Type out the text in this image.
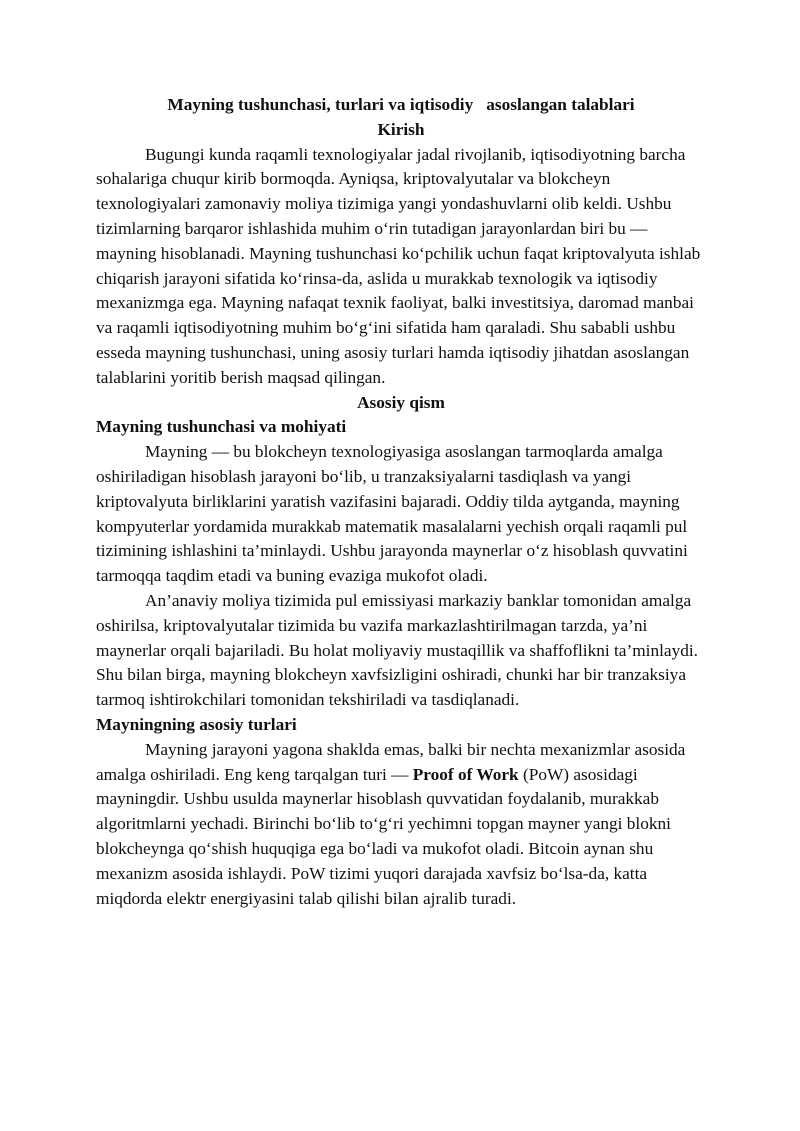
Mayning tushunchasi, turlari va iqtisodiy   asoslangan talablari
Kirish

Bugungi kunda raqamli texnologiyalar jadal rivojlanib, iqtisodiyotning barcha sohalariga chuqur kirib bormoqda. Ayniqsa, kriptovalyutalar va blokcheyn texnologiyalari zamonaviy moliya tizimiga yangi yondashuvlarni olib keldi. Ushbu tizimlarning barqaror ishlashida muhim o‘rin tutadigan jarayonlardan biri bu — mayning hisoblanadi. Mayning tushunchasi ko‘pchilik uchun faqat kriptovalyuta ishlab chiqarish jarayoni sifatida ko‘rinsa-da, aslida u murakkab texnologik va iqtisodiy mexanizmga ega. Mayning nafaqat texnik faoliyat, balki investitsiya, daromad manbai va raqamli iqtisodiyotning muhim bo‘g‘ini sifatida ham qaraladi. Shu sababli ushbu esseda mayning tushunchasi, uning asosiy turlari hamda iqtisodiy jihatdan asoslangan talablarini yoritib berish maqsad qilingan.

Asosiy qism
Mayning tushunchasi va mohiyati

Mayning — bu blokcheyn texnologiyasiga asoslangan tarmoqlarda amalga oshiriladigan hisoblash jarayoni bo‘lib, u tranzaksiyalarni tasdiqlash va yangi kriptovalyuta birliklarini yaratish vazifasini bajaradi. Oddiy tilda aytganda, mayning kompyuterlar yordamida murakkab matematik masalalarni yechish orqali raqamli pul tizimining ishlashini ta’minlaydi. Ushbu jarayonda maynerlar o‘z hisoblash quvvatini tarmoqqa taqdim etadi va buning evaziga mukofot oladi.

An’anaviy moliya tizimida pul emissiyasi markaziy banklar tomonidan amalga oshirilsa, kriptovalyutalar tizimida bu vazifa markazlashtirilmagan tarzda, ya’ni maynerlar orqali bajariladi. Bu holat moliyaviy mustaqillik va shaffoflikni ta’minlaydi. Shu bilan birga, mayning blokcheyn xavfsizligini oshiradi, chunki har bir tranzaksiya tarmoq ishtirokchilari tomonidan tekshiriladi va tasdiqlanadi.

Mayningning asosiy turlari

Mayning jarayoni yagona shaklda emas, balki bir nechta mexanizmlar asosida amalga oshiriladi. Eng keng tarqalgan turi — Proof of Work (PoW) asosidagi mayningdir. Ushbu usulda maynerlar hisoblash quvvatidan foydalanib, murakkab algoritmlarni yechadi. Birinchi bo‘lib to‘g‘ri yechimni topgan mayner yangi blokni blokcheynga qo‘shish huquqiga ega bo‘ladi va mukofot oladi. Bitcoin aynan shu mexanizm asosida ishlaydi. PoW tizimi yuqori darajada xavfsiz bo‘lsa-da, katta miqdorda elektr energiyasini talab qilishi bilan ajralib turadi.
